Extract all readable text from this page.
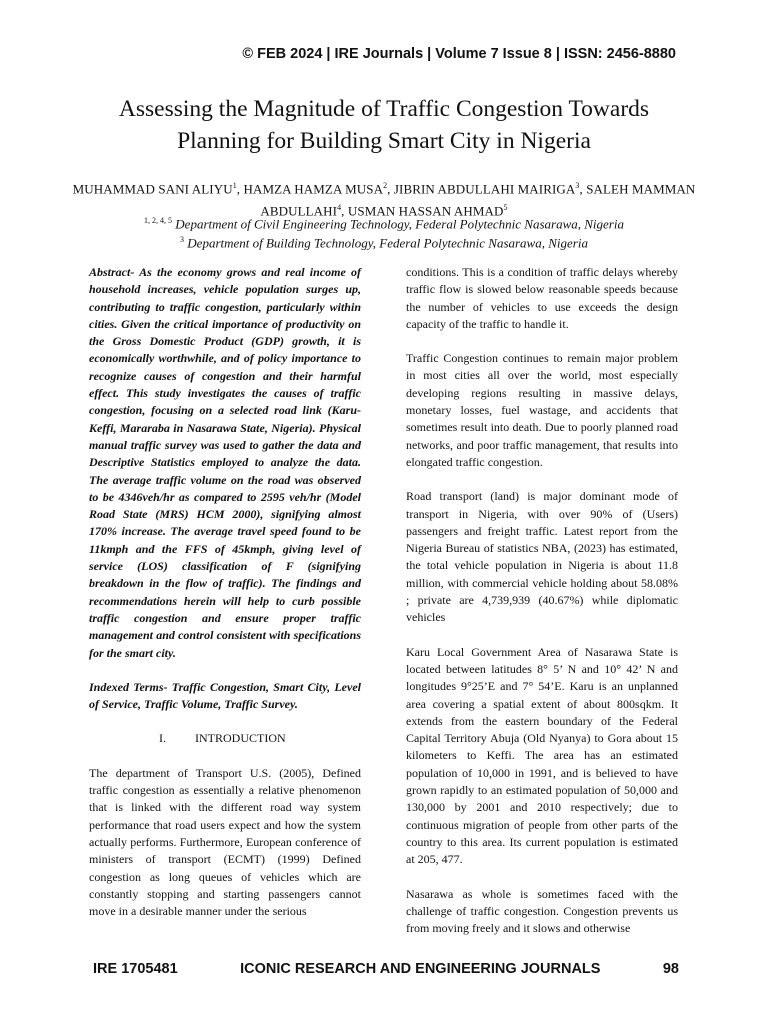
© FEB 2024 | IRE Journals | Volume 7 Issue 8 | ISSN: 2456-8880
Assessing the Magnitude of Traffic Congestion Towards
Planning for Building Smart City in Nigeria
MUHAMMAD SANI ALIYU$^1$, HAMZA HAMZA MUSA$^2$, JIBRIN ABDULLAHI MAIRIGA$^3$, SALEH MAMMAN ABDULLAHI$^4$, USMAN HASSAN AHMAD$^5$
$^{1, 2, 4, 5}$ Department of Civil Engineering Technology, Federal Polytechnic Nasarawa, Nigeria
$^3$ Department of Building Technology, Federal Polytechnic Nasarawa, Nigeria

Abstract- As the economy grows and real income of household increases, vehicle population surges up, contributing to traffic congestion, particularly within cities. Given the critical importance of productivity on the Gross Domestic Product (GDP) growth, it is economically worthwhile, and of policy importance to recognize causes of congestion and their harmful effect. This study investigates the causes of traffic congestion, focusing on a selected road link (Karu-Keffi, Mararaba in Nasarawa State, Nigeria). Physical manual traffic survey was used to gather the data and Descriptive Statistics employed to analyze the data. The average traffic volume on the road was observed to be 4346veh/hr as compared to 2595 veh/hr (Model Road State (MRS) HCM 2000), signifying almost 170% increase. The average travel speed found to be 11kmph and the FFS of 45kmph, giving level of service (LOS) classification of F (signifying breakdown in the flow of traffic). The findings and recommendations herein will help to curb possible traffic congestion and ensure proper traffic management and control consistent with specifications for the smart city.

Indexed Terms- Traffic Congestion, Smart City, Level of Service, Traffic Volume, Traffic Survey.

I.	INTRODUCTION

The department of Transport U.S. (2005), Defined traffic congestion as essentially a relative phenomenon that is linked with the different road way system performance that road users expect and how the system actually performs. Furthermore, European conference of ministers of transport (ECMT) (1999) Defined congestion as long queues of vehicles which are constantly stopping and starting passengers cannot move in a desirable manner under the serious

conditions. This is a condition of traffic delays whereby traffic flow is slowed below reasonable speeds because the number of vehicles to use exceeds the design capacity of the traffic to handle it.

Traffic Congestion continues to remain major problem in most cities all over the world, most especially developing regions resulting in massive delays, monetary losses, fuel wastage, and accidents that sometimes result into death. Due to poorly planned road networks, and poor traffic management, that results into elongated traffic congestion.

Road transport (land) is major dominant mode of transport in Nigeria, with over 90% of (Users) passengers and freight traffic. Latest report from the Nigeria Bureau of statistics NBA, (2023) has estimated, the total vehicle population in Nigeria is about 11.8 million, with commercial vehicle holding about 58.08% ; private are 4,739,939 (40.67%) while diplomatic vehicles

Karu Local Government Area of Nasarawa State is located between latitudes 8° 5’ N and 10° 42’ N and longitudes 9°25’E and 7° 54’E. Karu is an unplanned area covering a spatial extent of about 800sqkm. It extends from the eastern boundary of the Federal Capital Territory Abuja (Old Nyanya) to Gora about 15 kilometers to Keffi. The area has an estimated population of 10,000 in 1991, and is believed to have grown rapidly to an estimated population of 50,000 and 130,000 by 2001 and 2010 respectively; due to continuous migration of people from other parts of the country to this area. Its current population is estimated at 205, 477.

Nasarawa as whole is sometimes faced with the challenge of traffic congestion. Congestion prevents us from moving freely and it slows and otherwise

IRE 1705481	ICONIC RESEARCH AND ENGINEERING JOURNALS	98
